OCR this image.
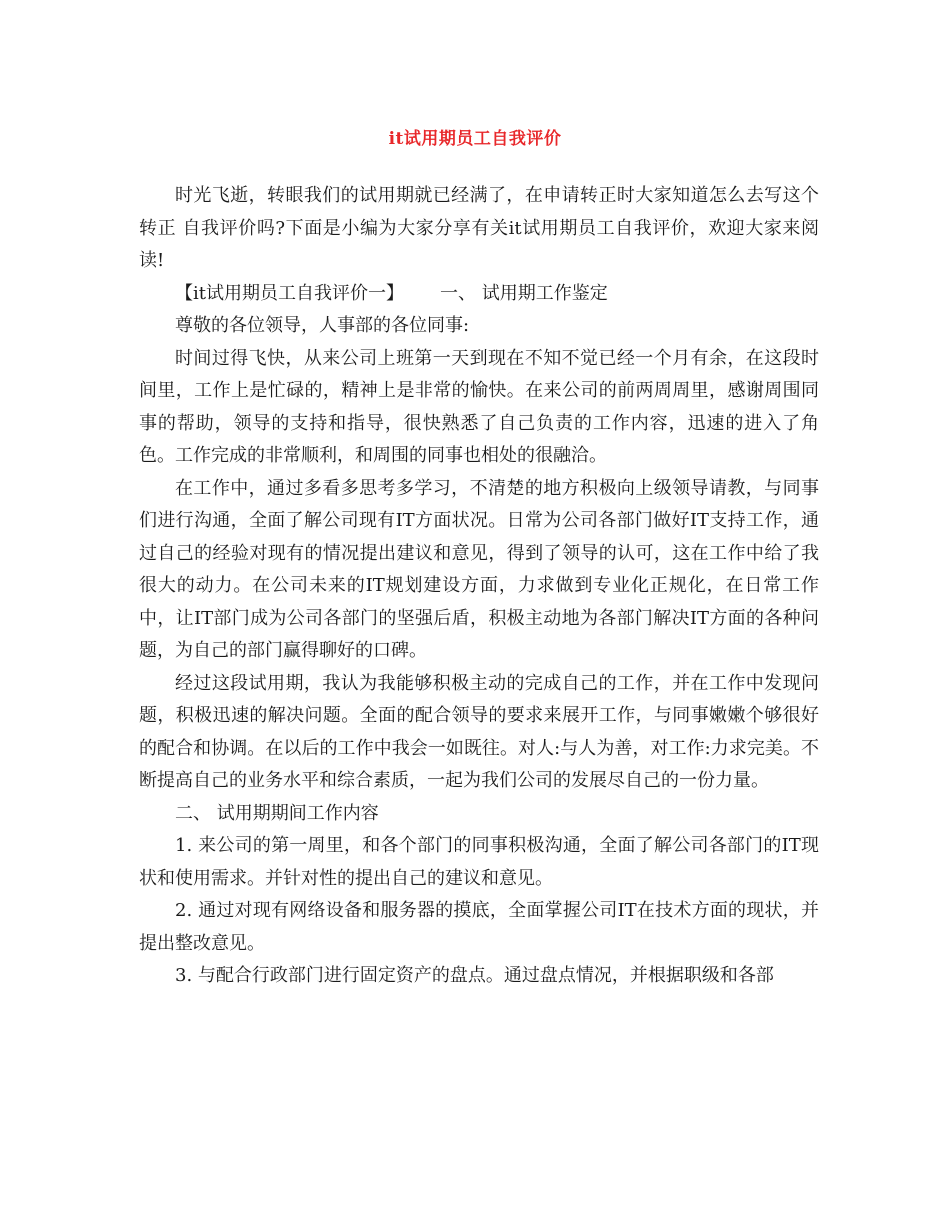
it试用期员工自我评价

时光飞逝，转眼我们的试用期就已经满了，在申请转正时大家知道怎么去写这个转正 自我评价吗?下面是小编为大家分享有关it试用期员工自我评价，欢迎大家来阅读!

【it试用期员工自我评价一】 一、 试用期工作鉴定

尊敬的各位领导，人事部的各位同事:

时间过得飞快，从来公司上班第一天到现在不知不觉已经一个月有余，在这段时间里，工作上是忙碌的，精神上是非常的愉快。在来公司的前两周周里，感谢周围同事的帮助，领导的支持和指导，很快熟悉了自己负责的工作内容，迅速的进入了角色。工作完成的非常顺利，和周围的同事也相处的很融洽。

在工作中，通过多看多思考多学习，不清楚的地方积极向上级领导请教，与同事们进行沟通，全面了解公司现有IT方面状况。日常为公司各部门做好IT支持工作，通过自己的经验对现有的情况提出建议和意见，得到了领导的认可，这在工作中给了我很大的动力。在公司未来的IT规划建设方面，力求做到专业化正规化，在日常工作中，让IT部门成为公司各部门的坚强后盾，积极主动地为各部门解决IT方面的各种问题，为自己的部门赢得聊好的口碑。

经过这段试用期，我认为我能够积极主动的完成自己的工作，并在工作中发现问题，积极迅速的解决问题。全面的配合领导的要求来展开工作，与同事嫩嫩个够很好的配合和协调。在以后的工作中我会一如既往。对人:与人为善，对工作:力求完美。不断提高自己的业务水平和综合素质，一起为我们公司的发展尽自己的一份力量。

二、 试用期期间工作内容

1. 来公司的第一周里，和各个部门的同事积极沟通，全面了解公司各部门的IT现状和使用需求。并针对性的提出自己的建议和意见。

2. 通过对现有网络设备和服务器的摸底，全面掌握公司IT在技术方面的现状，并提出整改意见。

3. 与配合行政部门进行固定资产的盘点。通过盘点情况，并根据职级和各部
